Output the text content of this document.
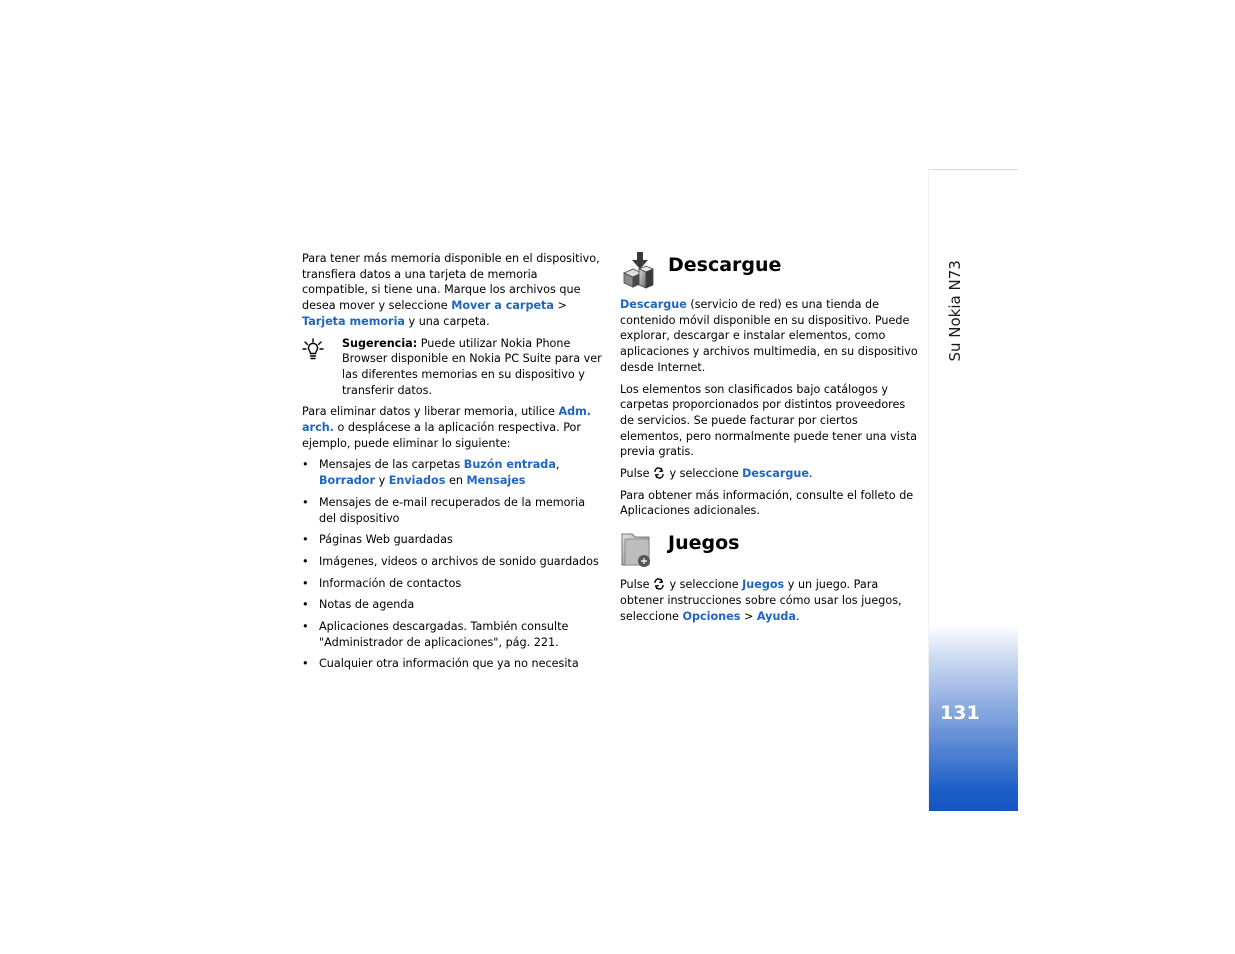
Su Nokia N73
131

Para tener más memoria disponible en el dispositivo, transfiera datos a una tarjeta de memoria compatible, si tiene una. Marque los archivos que desea mover y seleccione Mover a carpeta > Tarjeta memoria y una carpeta.

Sugerencia: Puede utilizar Nokia Phone Browser disponible en Nokia PC Suite para ver las diferentes memorias en su dispositivo y transferir datos.

Para eliminar datos y liberar memoria, utilice Adm. arch. o desplácese a la aplicación respectiva. Por ejemplo, puede eliminar lo siguiente:

• Mensajes de las carpetas Buzón entrada, Borrador y Enviados en Mensajes
• Mensajes de e-mail recuperados de la memoria del dispositivo
• Páginas Web guardadas
• Imágenes, videos o archivos de sonido guardados
• Información de contactos
• Notas de agenda
• Aplicaciones descargadas. También consulte "Administrador de aplicaciones", pág. 221.
• Cualquier otra información que ya no necesita
Descargue

Descargue (servicio de red) es una tienda de contenido móvil disponible en su dispositivo. Puede explorar, descargar e instalar elementos, como aplicaciones y archivos multimedia, en su dispositivo desde Internet.

Los elementos son clasificados bajo catálogos y carpetas proporcionados por distintos proveedores de servicios. Se puede facturar por ciertos elementos, pero normalmente puede tener una vista previa gratis.

Pulse y seleccione Descargue.

Para obtener más información, consulte el folleto de Aplicaciones adicionales.

Juegos

Pulse y seleccione Juegos y un juego. Para obtener instrucciones sobre cómo usar los juegos, seleccione Opciones > Ayuda.
